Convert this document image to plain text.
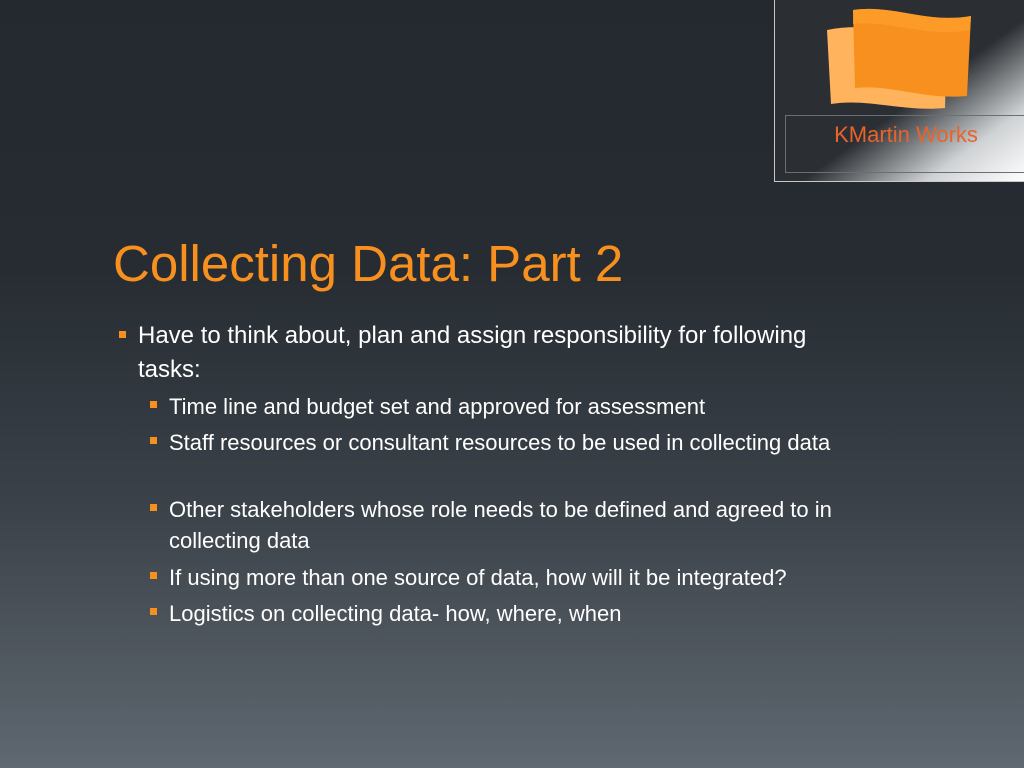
KMartin Works
Collecting Data: Part 2
Have to think about, plan and assign responsibility for following tasks:
Time line and budget set and approved for assessment
Staff resources or consultant resources to be used in collecting data
Other stakeholders whose role needs to be defined and agreed to in collecting data
If using more than one source of data, how will it be integrated?
Logistics on collecting data- how, where, when
